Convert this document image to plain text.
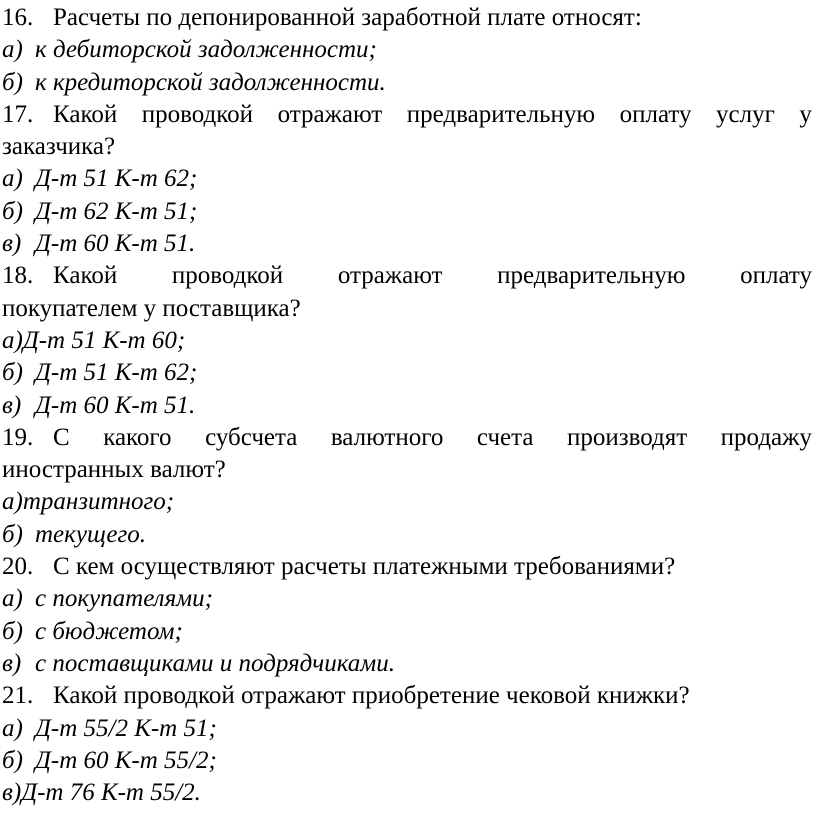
16. Расчеты по депонированной заработной плате относят:
а) к дебиторской задолженности;
б) к кредиторской задолженности.
17. Какой проводкой отражают предварительную оплату услуг у
заказчика?
а) Д-т 51 К-т 62;
б) Д-т 62 К-т 51;
в) Д-т 60 К-т 51.
18. Какой проводкой отражают предварительную оплату
покупателем у поставщика?
а) Д-т 51 К-т 60;
б) Д-т 51 К-т 62;
в) Д-т 60 К-т 51.
19. С какого субсчета валютного счета производят продажу
иностранных валют?
а) транзитного;
б) текущего.
20. С кем осуществляют расчеты платежными требованиями?
а) с покупателями;
б) с бюджетом;
в) с поставщиками и подрядчиками.
21. Какой проводкой отражают приобретение чековой книжки?
а) Д-т 55/2 К-т 51;
б) Д-т 60 К-т 55/2;
в) Д-т 76 К-т 55/2.
